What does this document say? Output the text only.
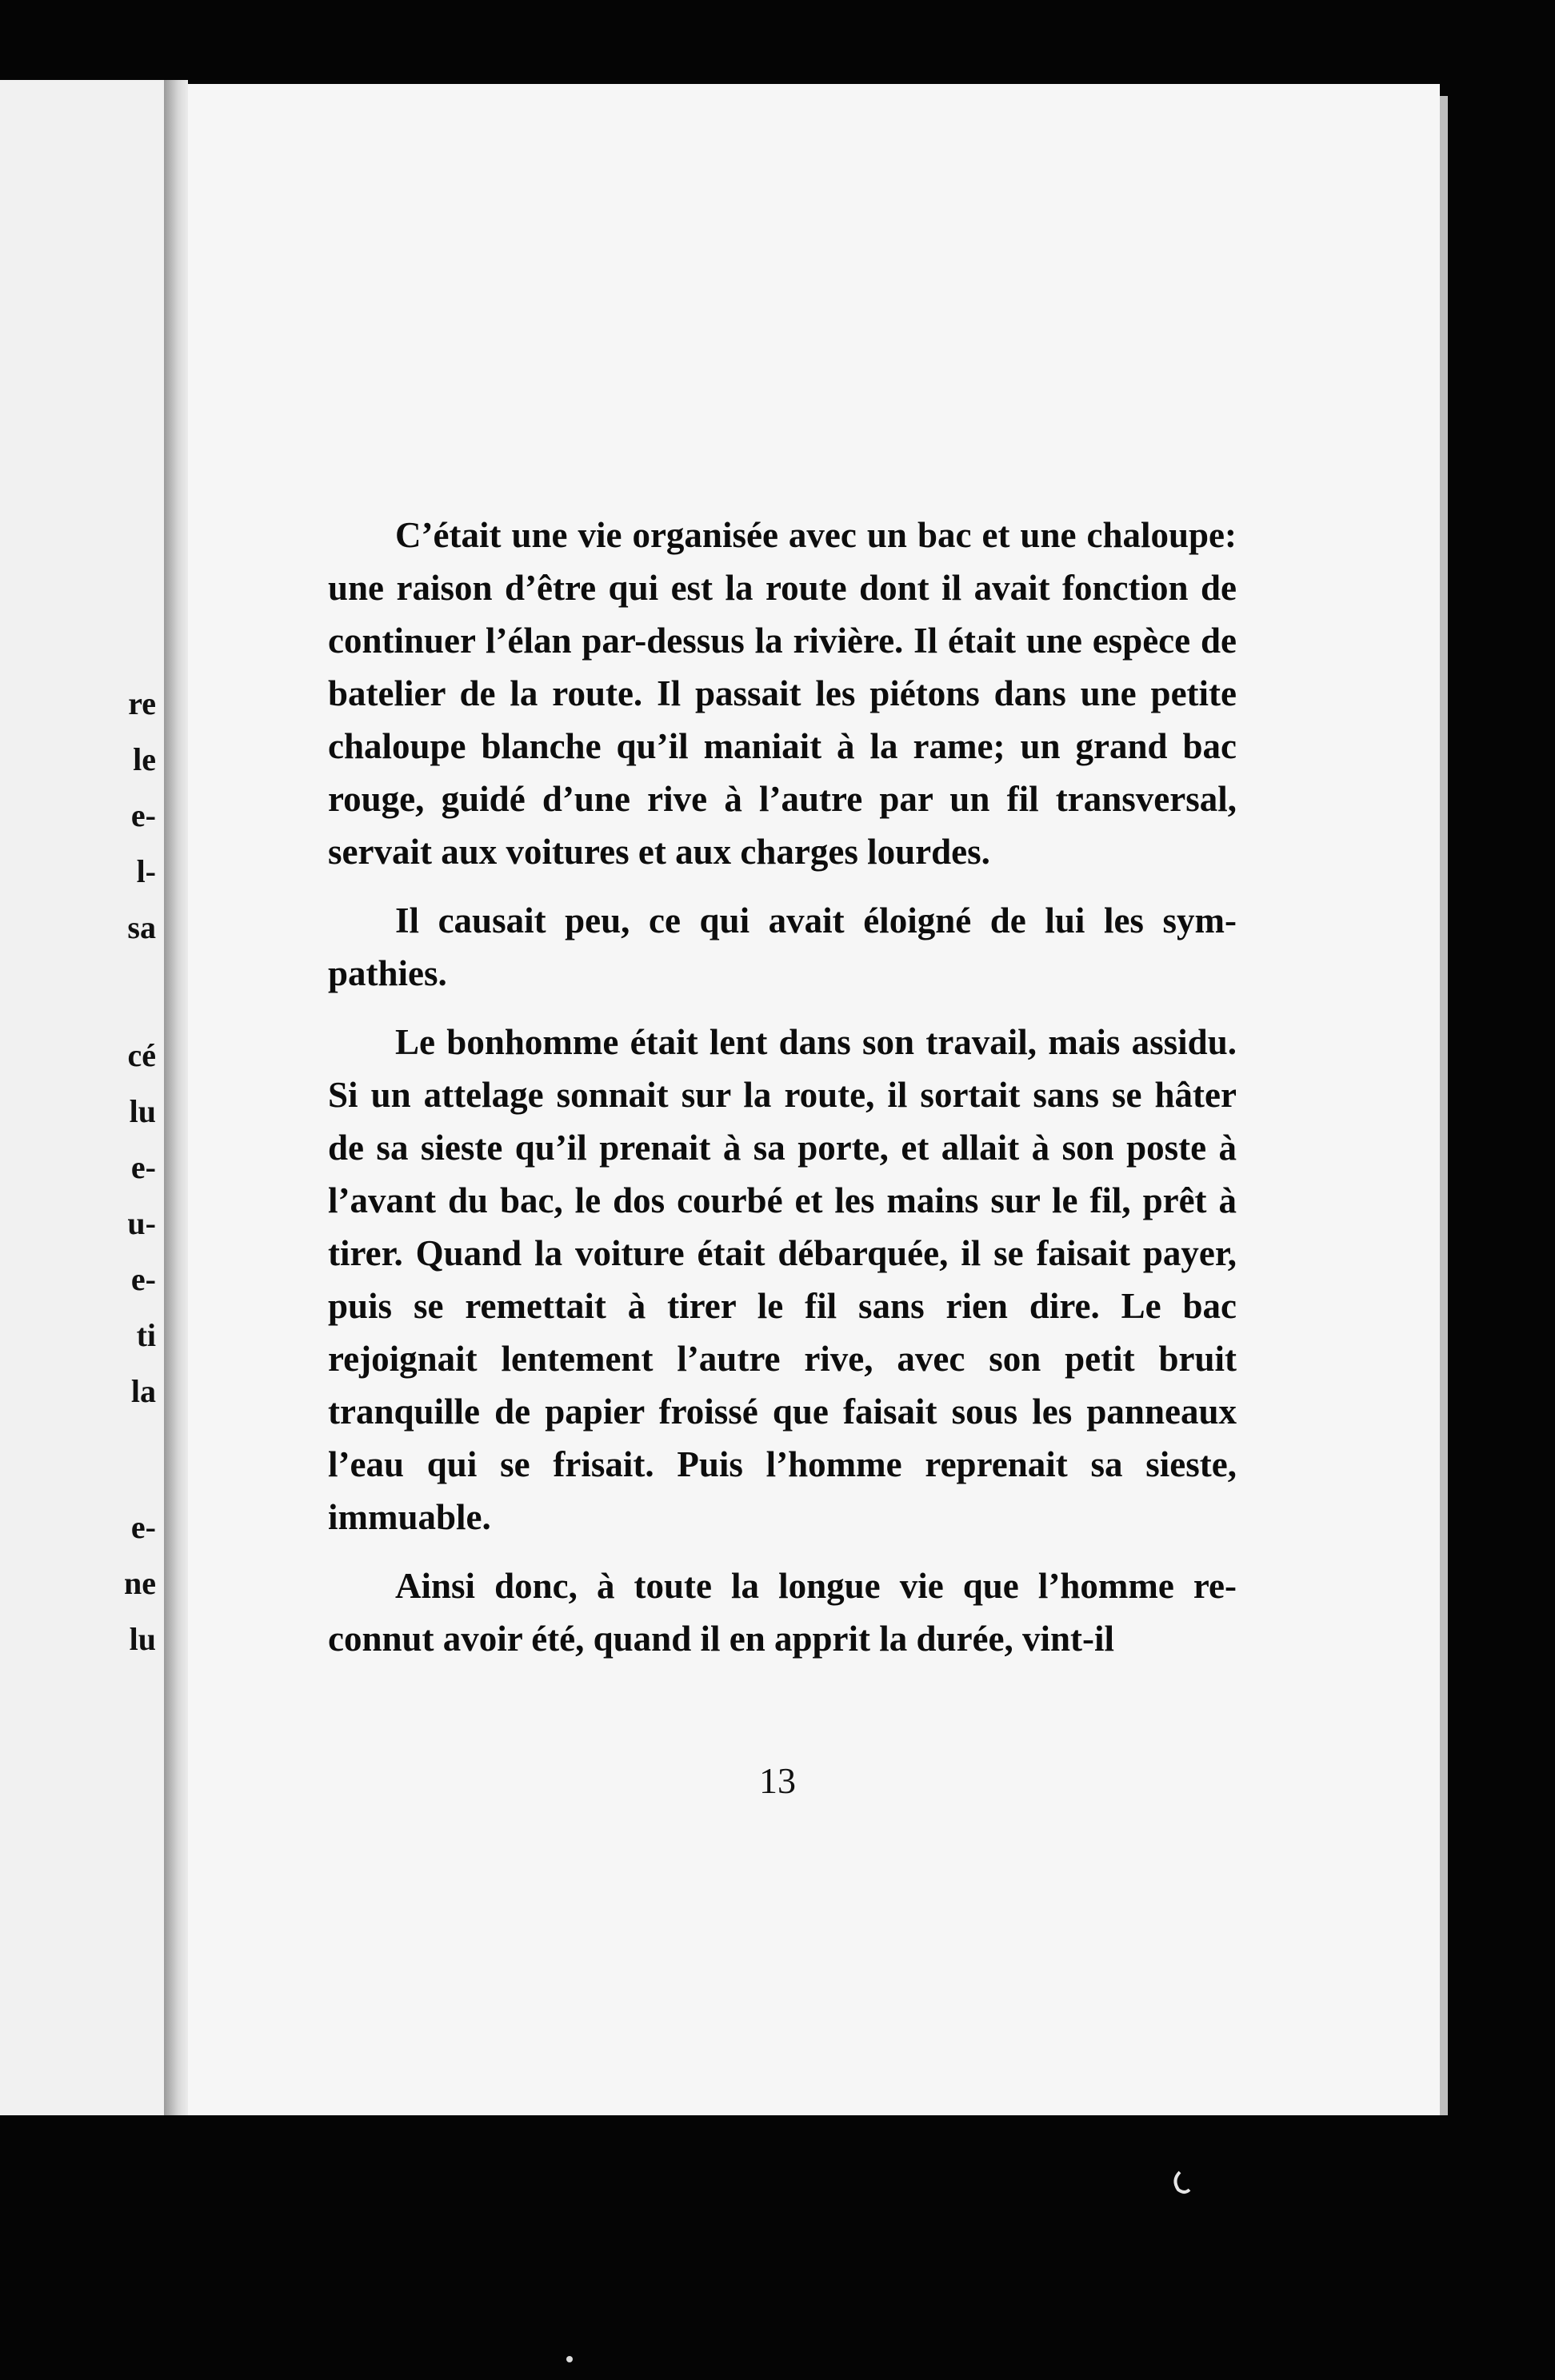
re
le
e-
l-
sa
cé
lu
e-
u-
e-
ti
la
e-
ne
lu

C’était une vie organisée avec un bac et une chaloupe: une raison d’être qui est la route dont il avait fonction de continuer l’élan par-dessus la rivière. Il était une espèce de batelier de la route. Il passait les piétons dans une petite chaloupe blanche qu’il maniait à la rame; un grand bac rouge, guidé d’une rive à l’autre par un fil transversal, servait aux voitures et aux charges lourdes.

Il causait peu, ce qui avait éloigné de lui les sympathies.

Le bonhomme était lent dans son travail, mais assidu. Si un attelage sonnait sur la route, il sortait sans se hâter de sa sieste qu’il prenait à sa porte, et allait à son poste à l’avant du bac, le dos courbé et les mains sur le fil, prêt à tirer. Quand la voiture était débarquée, il se faisait payer, puis se remettait à tirer le fil sans rien dire. Le bac rejoignait lentement l’autre rive, avec son petit bruit tranquille de papier froissé que faisait sous les panneaux l’eau qui se frisait. Puis l’homme reprenait sa sieste, immuable.

Ainsi donc, à toute la longue vie que l’homme reconnut avoir été, quand il en apprit la durée, vint-il

13
